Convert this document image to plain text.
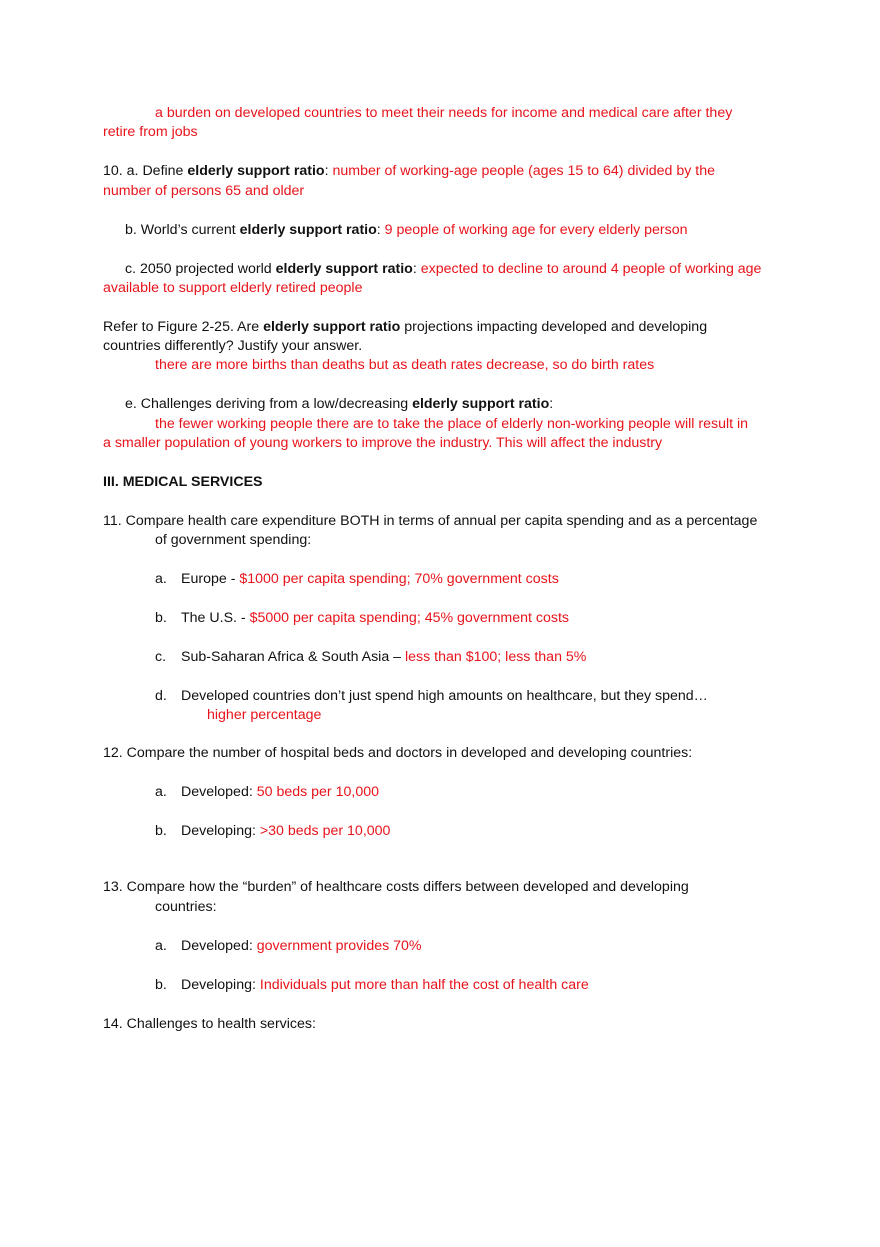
a burden on developed countries to meet their needs for income and medical care after they
retire from jobs
10. a. Define elderly support ratio: number of working-age people (ages 15 to 64) divided by the
number of persons 65 and older
b. World’s current elderly support ratio: 9 people of working age for every elderly person
c. 2050 projected world elderly support ratio: expected to decline to around 4 people of working age
available to support elderly retired people
Refer to Figure 2-25. Are elderly support ratio projections impacting developed and developing
countries differently? Justify your answer.
there are more births than deaths but as death rates decrease, so do birth rates
e. Challenges deriving from a low/decreasing elderly support ratio:
the fewer working people there are to take the place of elderly non-working people will result in
a smaller population of young workers to improve the industry. This will affect the industry
III. MEDICAL SERVICES
11. Compare health care expenditure BOTH in terms of annual per capita spending and as a percentage
of government spending:
a. Europe - $1000 per capita spending; 70% government costs
b. The U.S. - $5000 per capita spending; 45% government costs
c. Sub-Saharan Africa & South Asia – less than $100; less than 5%
d. Developed countries don’t just spend high amounts on healthcare, but they spend…
higher percentage
12. Compare the number of hospital beds and doctors in developed and developing countries:
a. Developed: 50 beds per 10,000
b. Developing: >30 beds per 10,000
13. Compare how the “burden” of healthcare costs differs between developed and developing
countries:
a. Developed: government provides 70%
b. Developing: Individuals put more than half the cost of health care
14. Challenges to health services:
